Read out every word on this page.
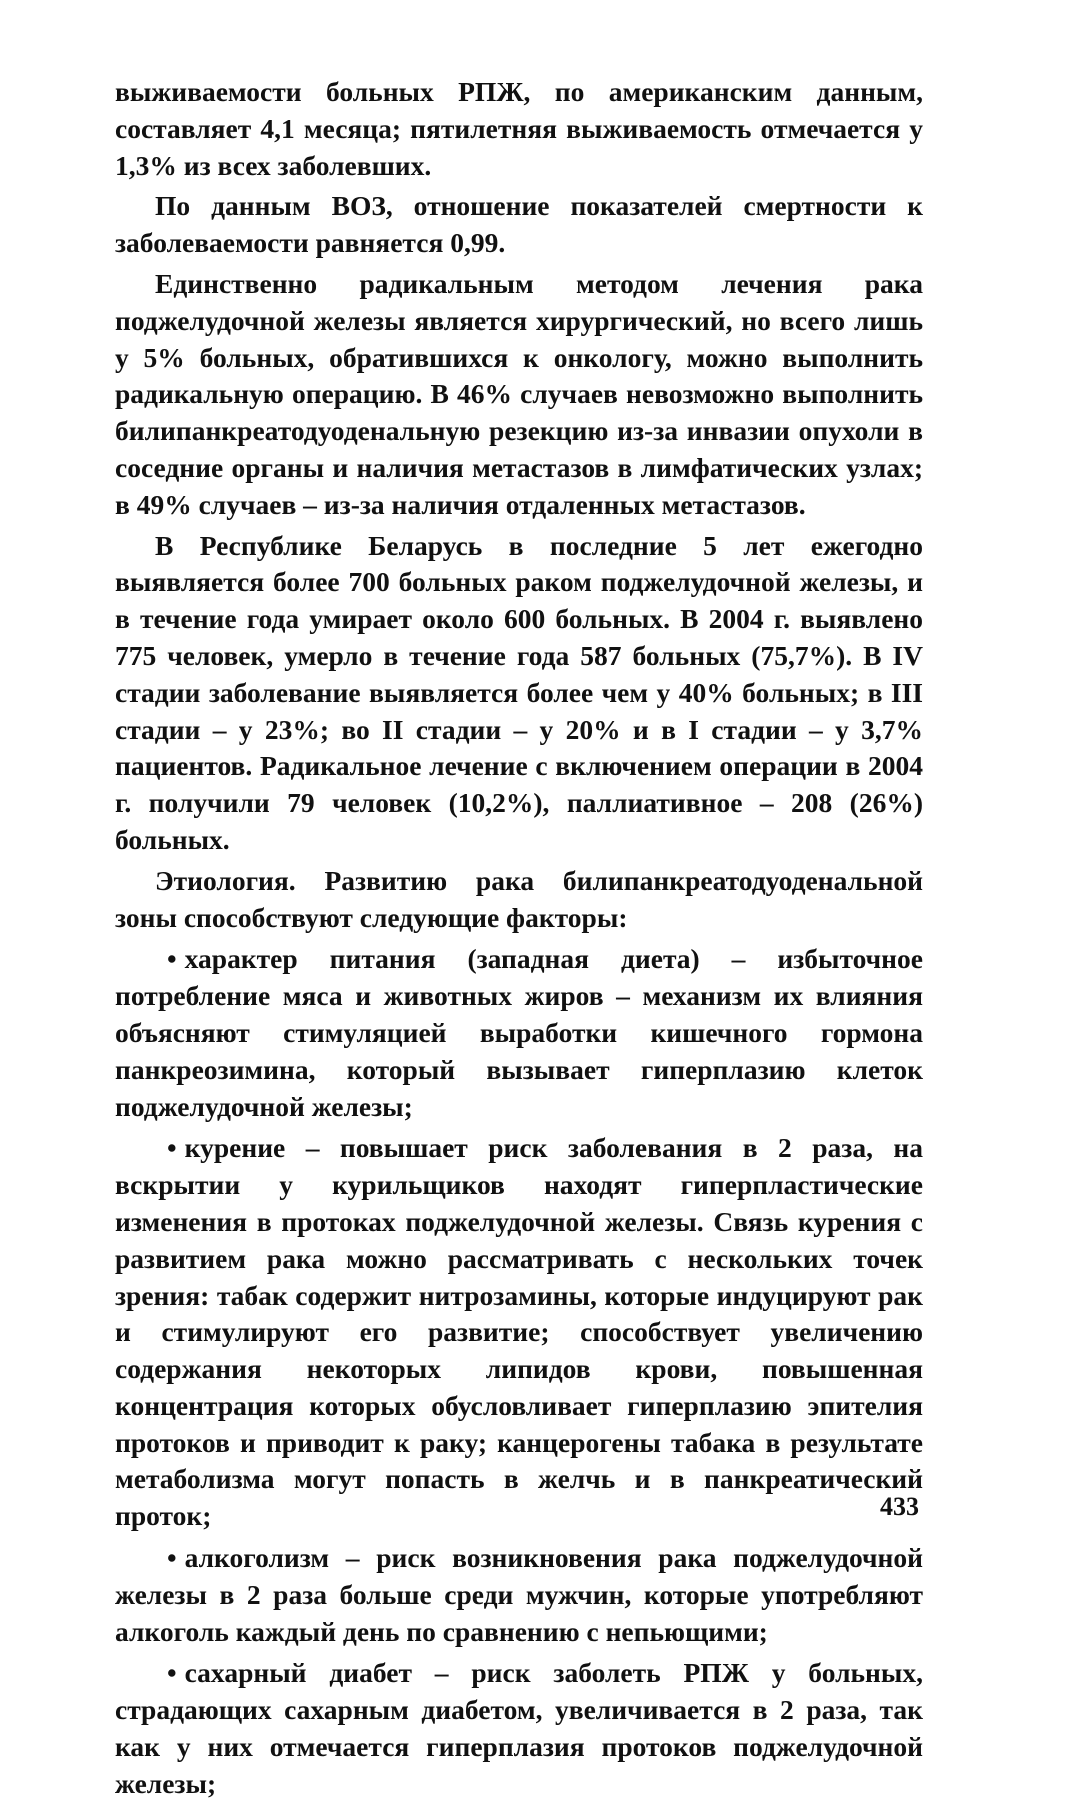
выживаемости больных РПЖ, по американским данным, составляет 4,1 месяца; пятилетняя выживаемость отмечается у 1,3% из всех заболевших.

По данным ВОЗ, отношение показателей смертности к заболеваемости равняется 0,99.

Единственно радикальным методом лечения рака поджелудочной железы является хирургический, но всего лишь у 5% больных, обратившихся к онкологу, можно выполнить радикальную операцию. В 46% случаев невозможно выполнить билипанкреатодуоденальную резекцию из-за инвазии опухоли в соседние органы и наличия метастазов в лимфатических узлах; в 49% случаев – из-за наличия отдаленных метастазов.

В Республике Беларусь в последние 5 лет ежегодно выявляется более 700 больных раком поджелудочной железы, и в течение года умирает около 600 больных. В 2004 г. выявлено 775 человек, умерло в течение года 587 больных (75,7%). В IV стадии заболевание выявляется более чем у 40% больных; в III стадии – у 23%; во II стадии – у 20% и в I стадии – у 3,7% пациентов. Радикальное лечение с включением операции в 2004 г. получили 79 человек (10,2%), паллиативное – 208 (26%) больных.

Этиология. Развитию рака билипанкреатодуоденальной зоны способствуют следующие факторы:

• характер питания (западная диета) – избыточное потребление мяса и животных жиров – механизм их влияния объясняют стимуляцией выработки кишечного гормона панкреозимина, который вызывает гиперплазию клеток поджелудочной железы;

• курение – повышает риск заболевания в 2 раза, на вскрытии у курильщиков находят гиперпластические изменения в протоках поджелудочной железы. Связь курения с развитием рака можно рассматривать с нескольких точек зрения: табак содержит нитрозамины, которые индуцируют рак и стимулируют его развитие; способствует увеличению содержания некоторых липидов крови, повышенная концентрация которых обусловливает гиперплазию эпителия протоков и приводит к раку; канцерогены табака в результате метаболизма могут попасть в желчь и в панкреатический проток;

• алкоголизм – риск возникновения рака поджелудочной железы в 2 раза больше среди мужчин, которые употребляют алкоголь каждый день по сравнению с непьющими;

• сахарный диабет – риск заболеть РПЖ у больных, страдающих сахарным диабетом, увеличивается в 2 раза, так как у них отмечается гиперплазия протоков поджелудочной железы;

433
